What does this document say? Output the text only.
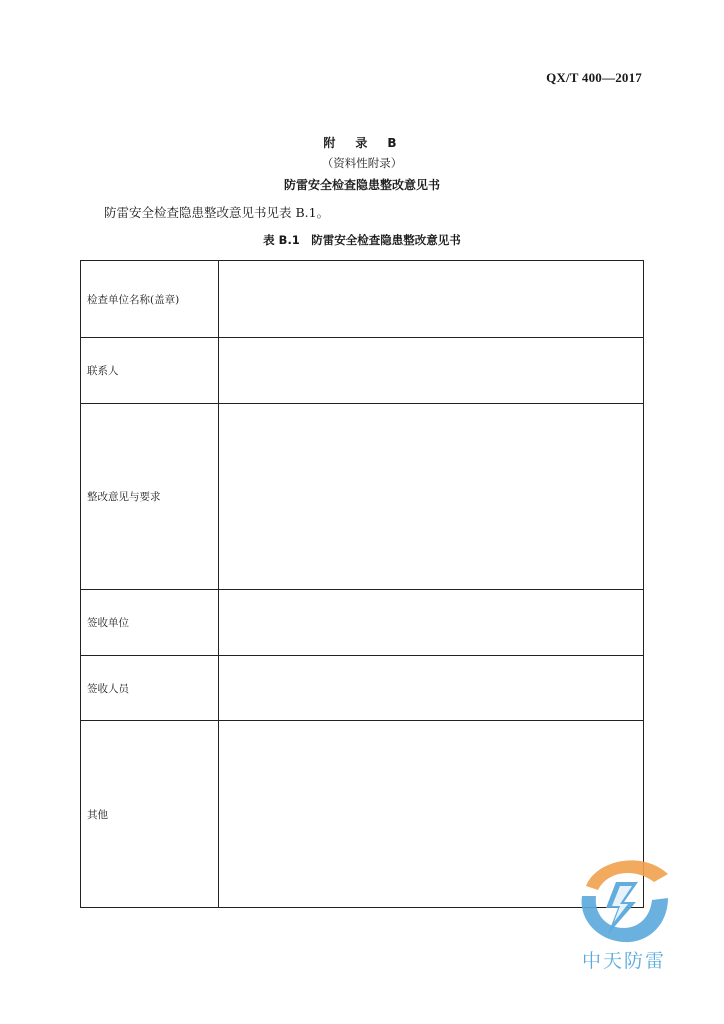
QX/T 400—2017
附　录　B
（资料性附录）
防雷安全检查隐患整改意见书
防雷安全检查隐患整改意见书见表 B.1。
表 B.1　防雷安全检查隐患整改意见书
检查单位名称(盖章)	
联系人	
整改意见与要求	
签收单位	
签收人员	
其他	
中天防雷
